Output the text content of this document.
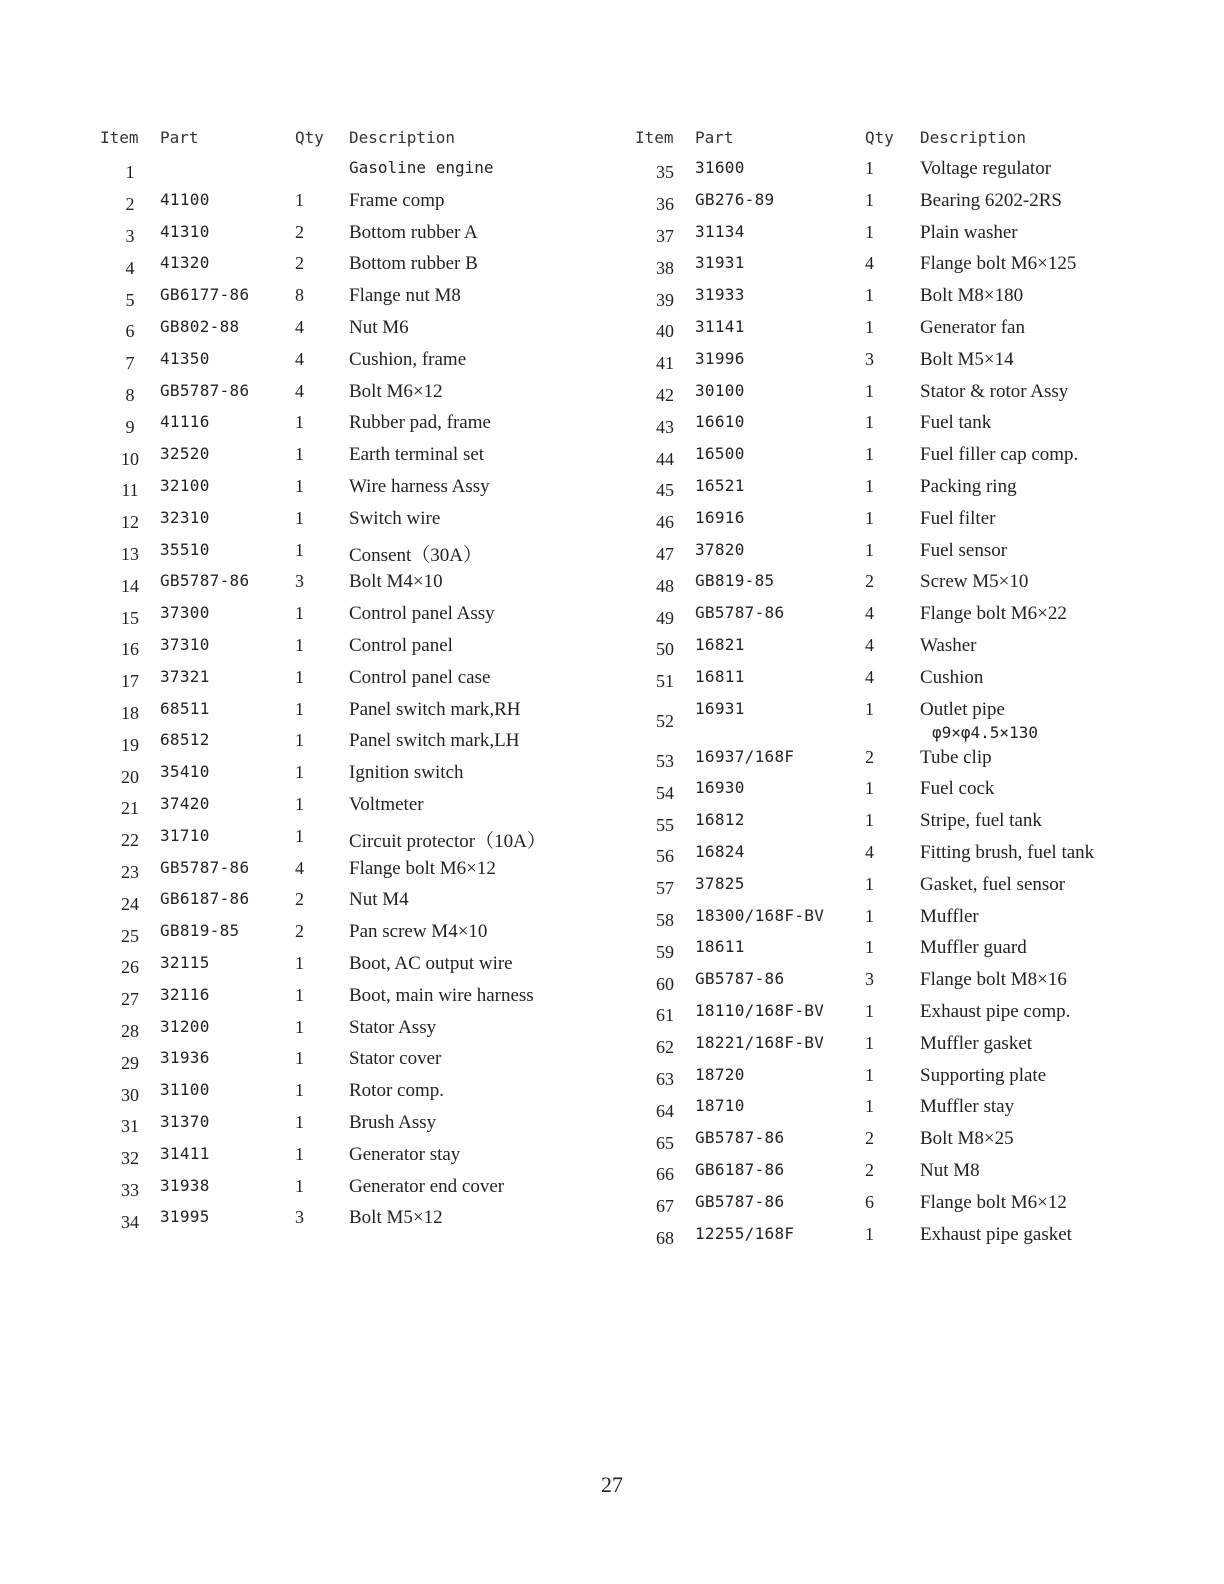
Item	Part	Qty	Description
1			Gasoline engine
2	41100	1	Frame comp
3	41310	2	Bottom rubber A
4	41320	2	Bottom rubber B
5	GB6177-86	8	Flange nut M8
6	GB802-88	4	Nut M6
7	41350	4	Cushion, frame
8	GB5787-86	4	Bolt M6×12
9	41116	1	Rubber pad, frame
10	32520	1	Earth terminal set
11	32100	1	Wire harness Assy
12	32310	1	Switch wire
13	35510	1	Consent（30A）
14	GB5787-86	3	Bolt M4×10
15	37300	1	Control panel Assy
16	37310	1	Control panel
17	37321	1	Control panel case
18	68511	1	Panel switch mark,RH
19	68512	1	Panel switch mark,LH
20	35410	1	Ignition switch
21	37420	1	Voltmeter
22	31710	1	Circuit protector（10A）
23	GB5787-86	4	Flange bolt M6×12
24	GB6187-86	2	Nut M4
25	GB819-85	2	Pan screw M4×10
26	32115	1	Boot, AC output wire
27	32116	1	Boot, main wire harness
28	31200	1	Stator Assy
29	31936	1	Stator cover
30	31100	1	Rotor comp.
31	31370	1	Brush Assy
32	31411	1	Generator stay
33	31938	1	Generator end cover
34	31995	3	Bolt M5×12
Item	Part	Qty	Description
35	31600	1	Voltage regulator
36	GB276-89	1	Bearing 6202-2RS
37	31134	1	Plain washer
38	31931	4	Flange bolt M6×125
39	31933	1	Bolt M8×180
40	31141	1	Generator fan
41	31996	3	Bolt M5×14
42	30100	1	Stator & rotor Assy
43	16610	1	Fuel tank
44	16500	1	Fuel filler cap comp.
45	16521	1	Packing ring
46	16916	1	Fuel filter
47	37820	1	Fuel sensor
48	GB819-85	2	Screw M5×10
49	GB5787-86	4	Flange bolt M6×22
50	16821	4	Washer
51	16811	4	Cushion
52	16931	1	Outlet pipe
φ9×φ4.5×130

53	16937/168F	2	Tube clip
54	16930	1	Fuel cock
55	16812	1	Stripe, fuel tank
56	16824	4	Fitting brush, fuel tank
57	37825	1	Gasket, fuel sensor
58	18300/168F-BV	1	Muffler
59	18611	1	Muffler guard
60	GB5787-86	3	Flange bolt M8×16
61	18110/168F-BV	1	Exhaust pipe comp.
62	18221/168F-BV	1	Muffler gasket
63	18720	1	Supporting plate
64	18710	1	Muffler stay
65	GB5787-86	2	Bolt M8×25
66	GB6187-86	2	Nut M8
67	GB5787-86	6	Flange bolt M6×12
68	12255/168F	1	Exhaust pipe gasket
27
